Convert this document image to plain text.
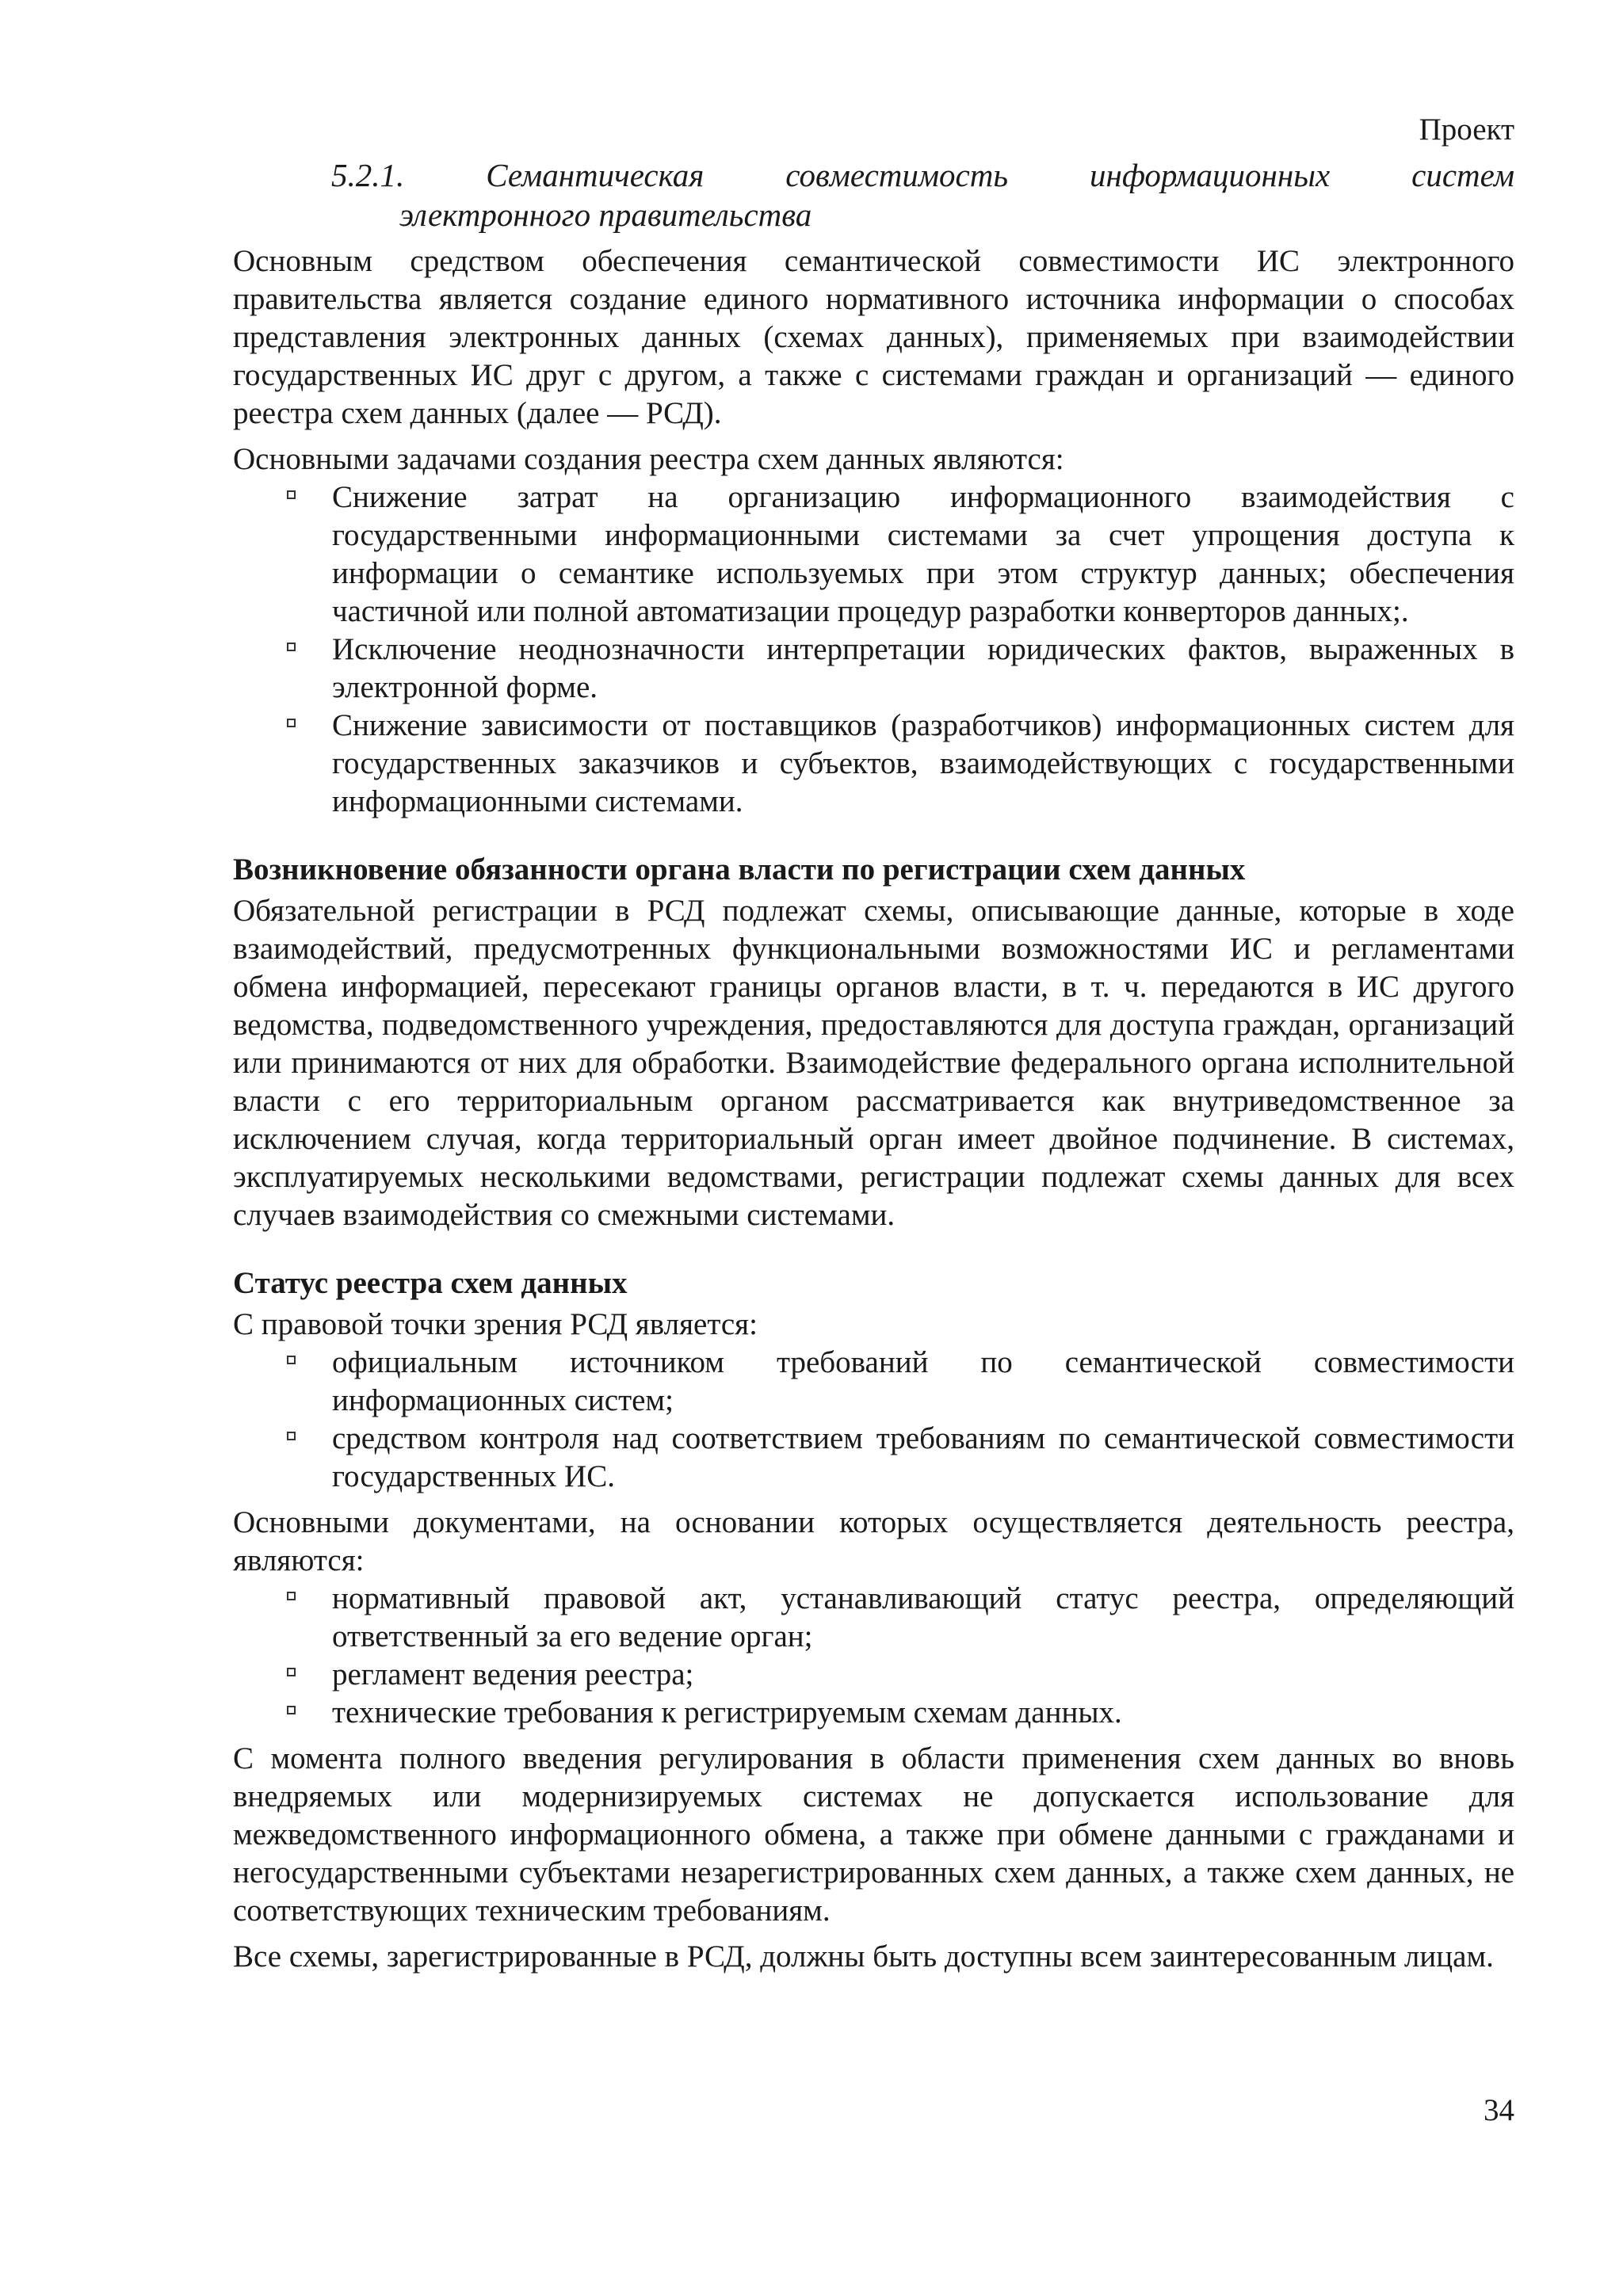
Проект
5.2.1. Семантическая совместимость информационных систем
электронного правительства

Основным средством обеспечения семантической совместимости ИС электронного правительства является создание единого нормативного источника информации о способах представления электронных данных (схемах данных), применяемых при взаимодействии государственных ИС друг с другом, а также с системами граждан и организаций — единого реестра схем данных (далее — РСД).

Основными задачами создания реестра схем данных являются:

Снижение затрат на организацию информационного взаимодействия с государственными информационными системами за счет упрощения доступа к информации о семантике используемых при этом структур данных; обеспечения частичной или полной автоматизации процедур разработки конверторов данных;.
Исключение неоднозначности интерпретации юридических фактов, выраженных в электронной форме.
Снижение зависимости от поставщиков (разработчиков) информационных систем для государственных заказчиков и субъектов, взаимодействующих с государственными информационными системами.
Возникновение обязанности органа власти по регистрации схем данных

Обязательной регистрации в РСД подлежат схемы, описывающие данные, которые в ходе взаимодействий, предусмотренных функциональными возможностями ИС и регламентами обмена информацией, пересекают границы органов власти, в т. ч. передаются в ИС другого ведомства, подведомственного учреждения, предоставляются для доступа граждан, организаций или принимаются от них для обработки. Взаимодействие федерального органа исполнительной власти с его территориальным органом рассматривается как внутриведомственное за исключением случая, когда территориальный орган имеет двойное подчинение. В системах, эксплуатируемых несколькими ведомствами, регистрации подлежат схемы данных для всех случаев взаимодействия со смежными системами.

Статус реестра схем данных

С правовой точки зрения РСД является:

официальным источником требований по семантической совместимости информационных систем;
средством контроля над соответствием требованиям по семантической совместимости государственных ИС.

Основными документами, на основании которых осуществляется деятельность реестра, являются:

нормативный правовой акт, устанавливающий статус реестра, определяющий ответственный за его ведение орган;
регламент ведения реестра;
технические требования к регистрируемым схемам данных.

С момента полного введения регулирования в области применения схем данных во вновь внедряемых или модернизируемых системах не допускается использование для межведомственного информационного обмена, а также при обмене данными с гражданами и негосударственными субъектами незарегистрированных схем данных, а также схем данных, не соответствующих техническим требованиям.

Все схемы, зарегистрированные в РСД, должны быть доступны всем заинтересованным лицам.

34
